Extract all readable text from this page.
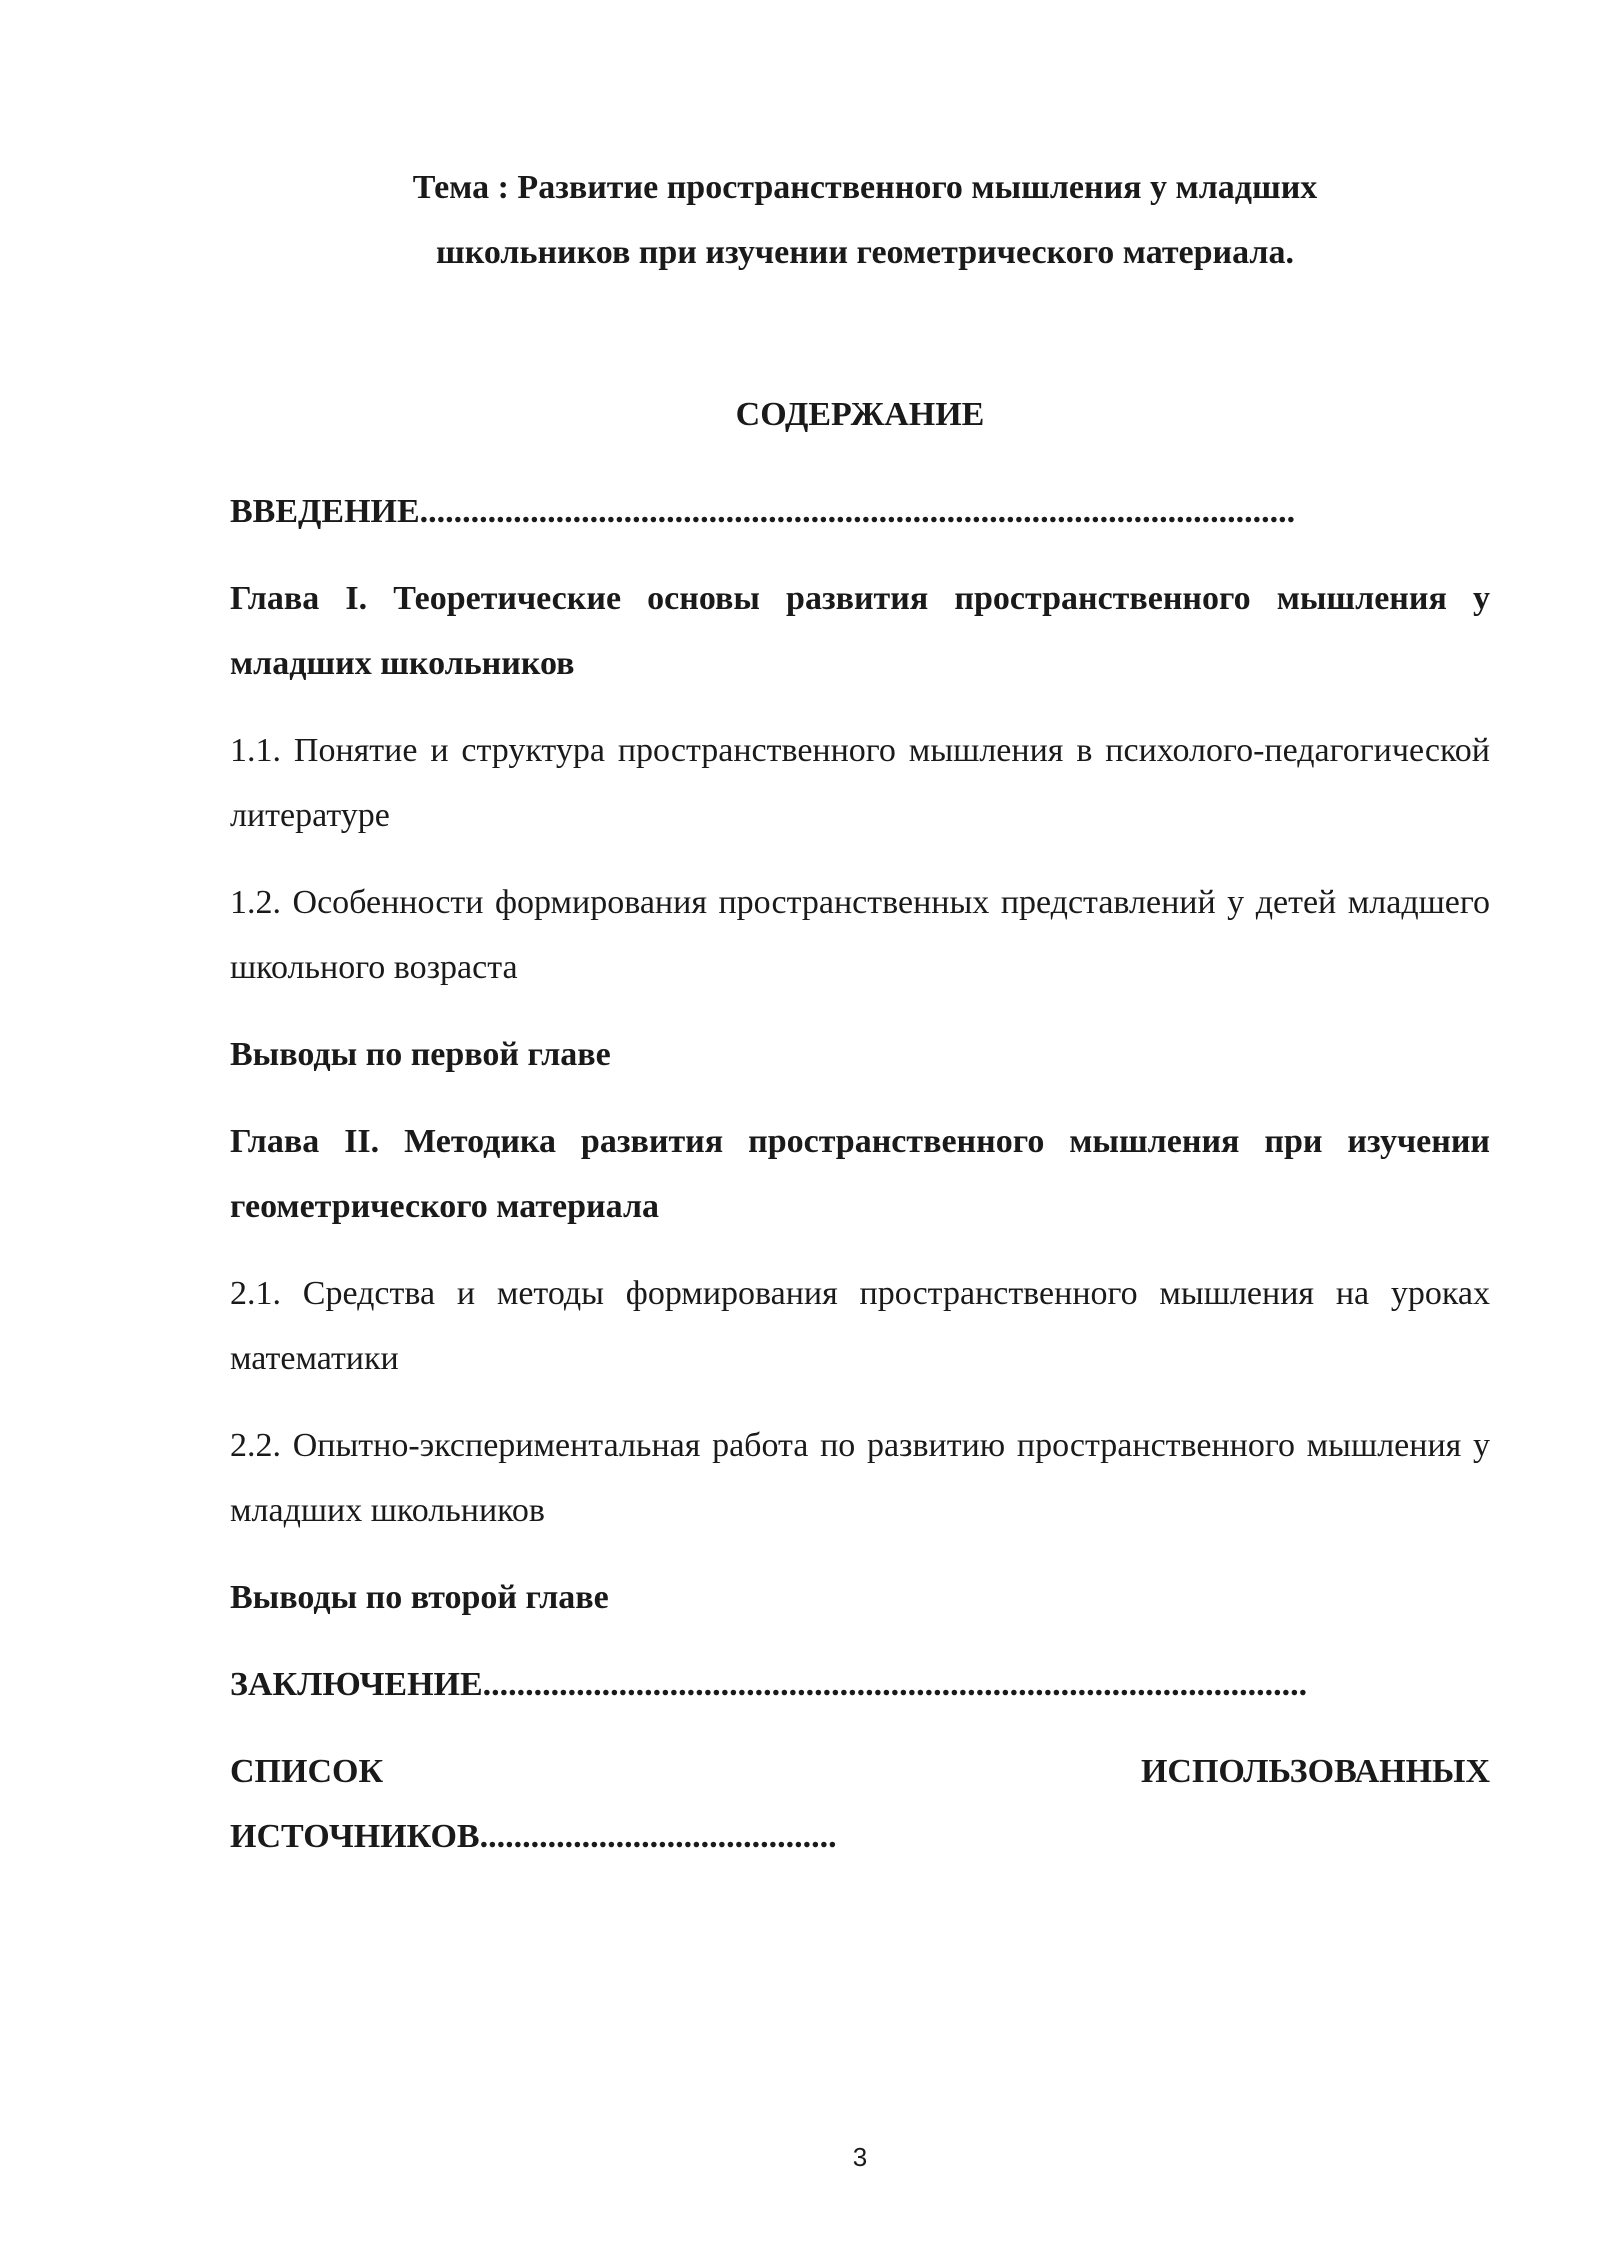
Тема : Развитие пространственного мышления у младших
школьников при изучении геометрического материала.
СОДЕРЖАНИЕ

ВВЕДЕНИЕ.......................................................................................................

Глава I. Теоретические основы развития пространственного мышления у младших школьников

1.1. Понятие и структура пространственного мышления в психолого-педагогической литературе

1.2. Особенности формирования пространственных представлений у детей младшего школьного возраста

Выводы по первой главе

Глава II. Методика развития пространственного мышления при изучении геометрического материала

2.1. Средства и методы формирования пространственного мышления на уроках математики

2.2. Опытно-экспериментальная работа по развитию пространственного мышления у младших школьников

Выводы по второй главе

ЗАКЛЮЧЕНИЕ.................................................................................................

СПИСОК	ИСПОЛЬЗОВАННЫХ
ИСТОЧНИКОВ..........................................
3
